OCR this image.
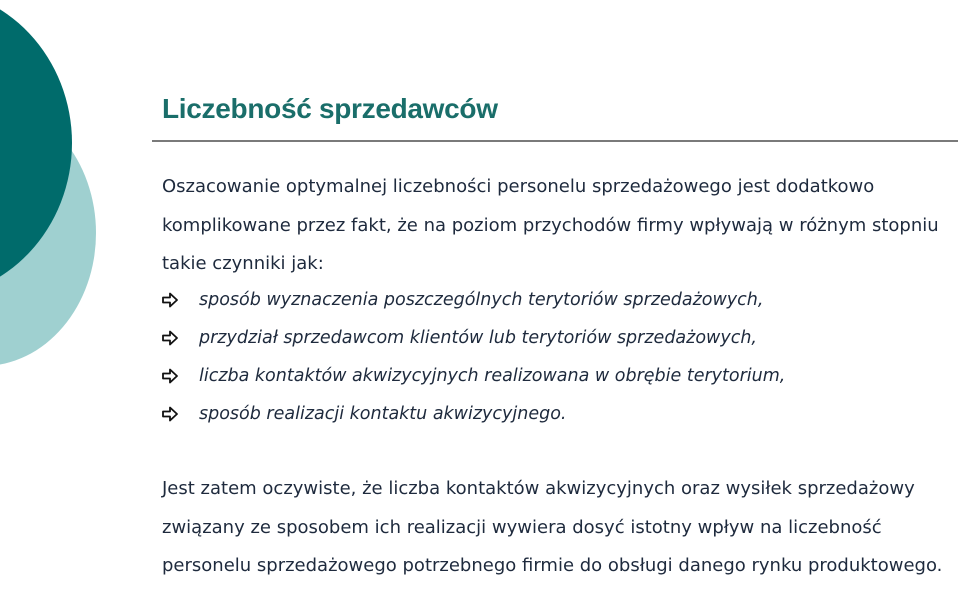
Liczebność sprzedawców

Oszacowanie optymalnej liczebności personelu sprzedażowego jest dodatkowo komplikowane przez fakt, że na poziom przychodów firmy wpływają w różnym stopniu takie czynniki jak:

sposób wyznaczenia poszczególnych terytoriów sprzedażowych,
przydział sprzedawcom klientów lub terytoriów sprzedażowych,
liczba kontaktów akwizycyjnych realizowana w obrębie terytorium,
sposób realizacji kontaktu akwizycyjnego.

Jest zatem oczywiste, że liczba kontaktów akwizycyjnych oraz wysiłek sprzedażowy związany ze sposobem ich realizacji wywiera dosyć istotny wpływ na liczebność personelu sprzedażowego potrzebnego firmie do obsługi danego rynku produktowego.
